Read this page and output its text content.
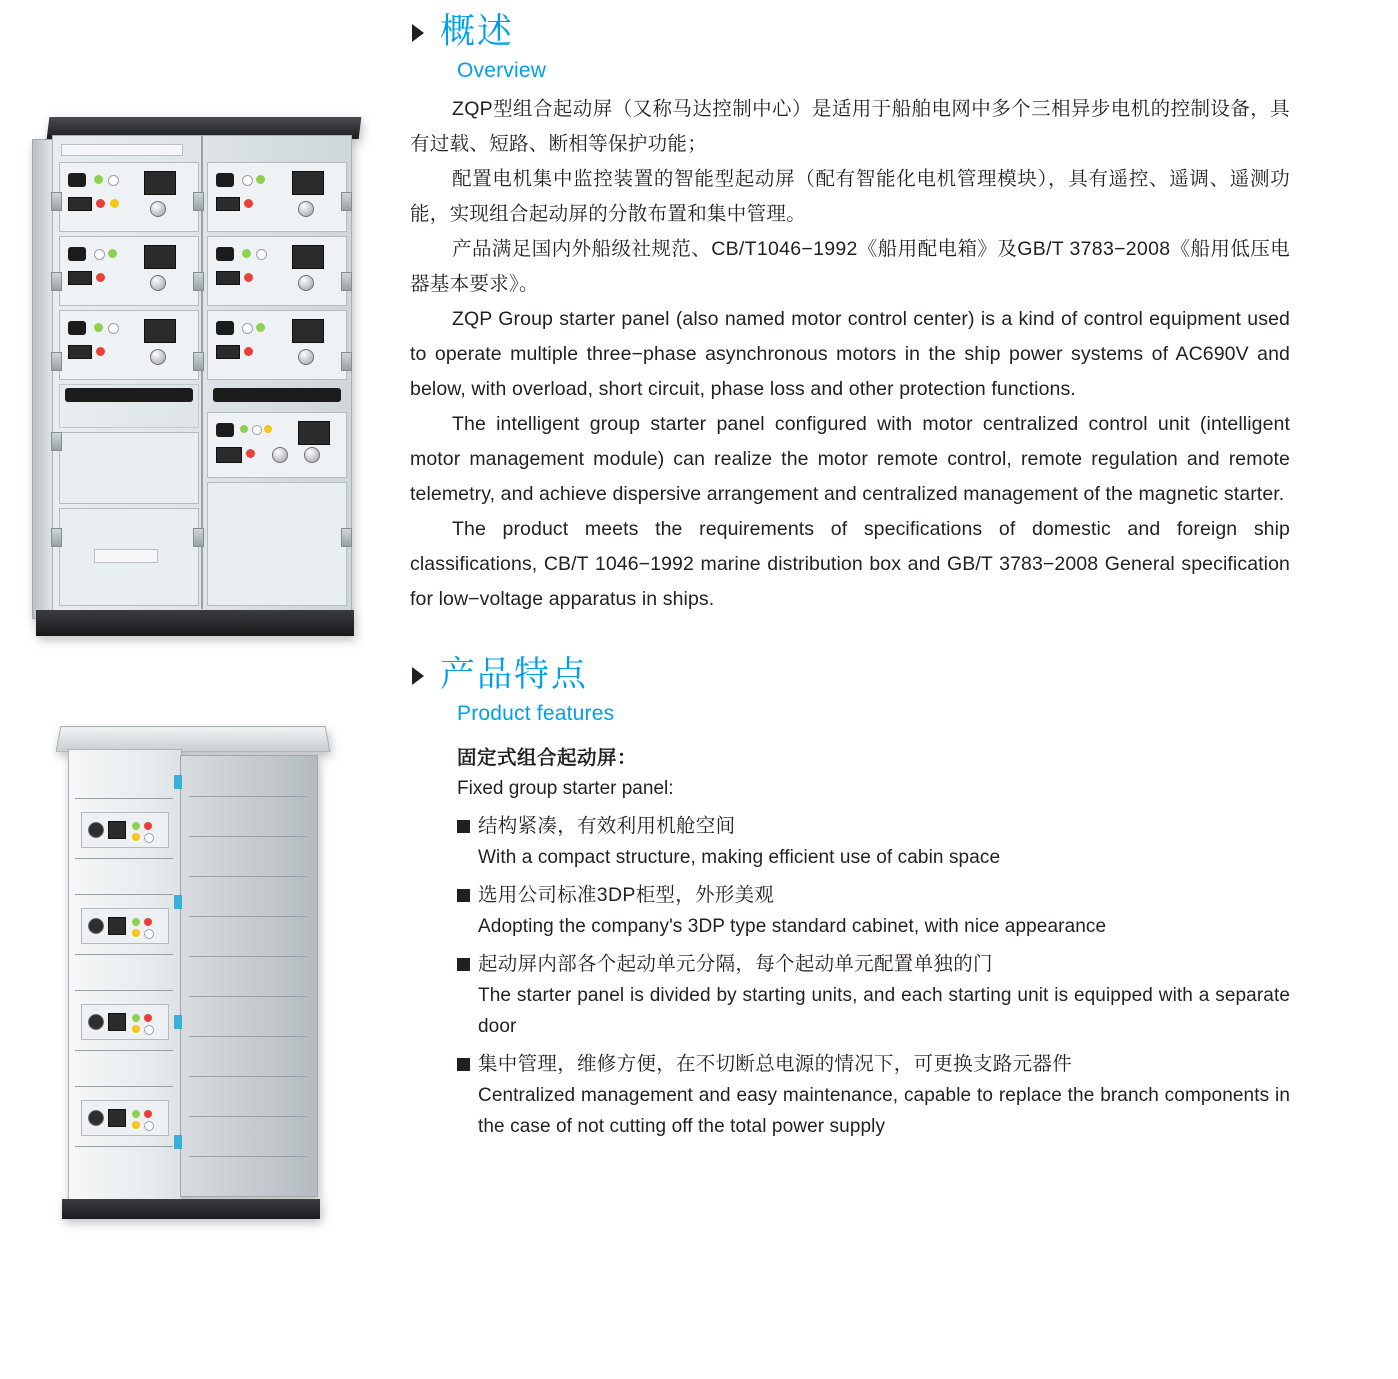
概述
Overview

ZQP型组合起动屏（又称马达控制中心）是适用于船舶电网中多个三相异步电机的控制设备，具有过载、短路、断相等保护功能；

配置电机集中监控装置的智能型起动屏（配有智能化电机管理模块），具有遥控、遥调、遥测功能，实现组合起动屏的分散布置和集中管理。

产品满足国内外船级社规范、CB/T1046−1992《船用配电箱》及GB/T 3783−2008《船用低压电器基本要求》。

ZQP Group starter panel (also named motor control center) is a kind of control equipment used to operate multiple three−phase asynchronous motors in the ship power systems of AC690V and below, with overload, short circuit, phase loss and other protection functions.

The intelligent group starter panel configured with motor centralized control unit (intelligent motor management module) can realize the motor remote control, remote regulation and remote telemetry, and achieve dispersive arrangement and centralized management of the magnetic starter.

The product meets the requirements of specifications of domestic and foreign ship classifications, CB/T 1046−1992 marine distribution box and GB/T 3783−2008 General specification for low−voltage apparatus in ships.

产品特点
Product features
固定式组合起动屏：
Fixed group starter panel:
结构紧凑，有效利用机舱空间
With a compact structure, making efficient use of cabin space
选用公司标准3DP柜型，外形美观
Adopting the company's 3DP type standard cabinet, with nice appearance
起动屏内部各个起动单元分隔，每个起动单元配置单独的门
The starter panel is divided by starting units, and each starting unit is equipped with a separate door
集中管理，维修方便，在不切断总电源的情况下，可更换支路元器件
Centralized management and easy maintenance, capable to replace the branch components in the case of not cutting off the total power supply
